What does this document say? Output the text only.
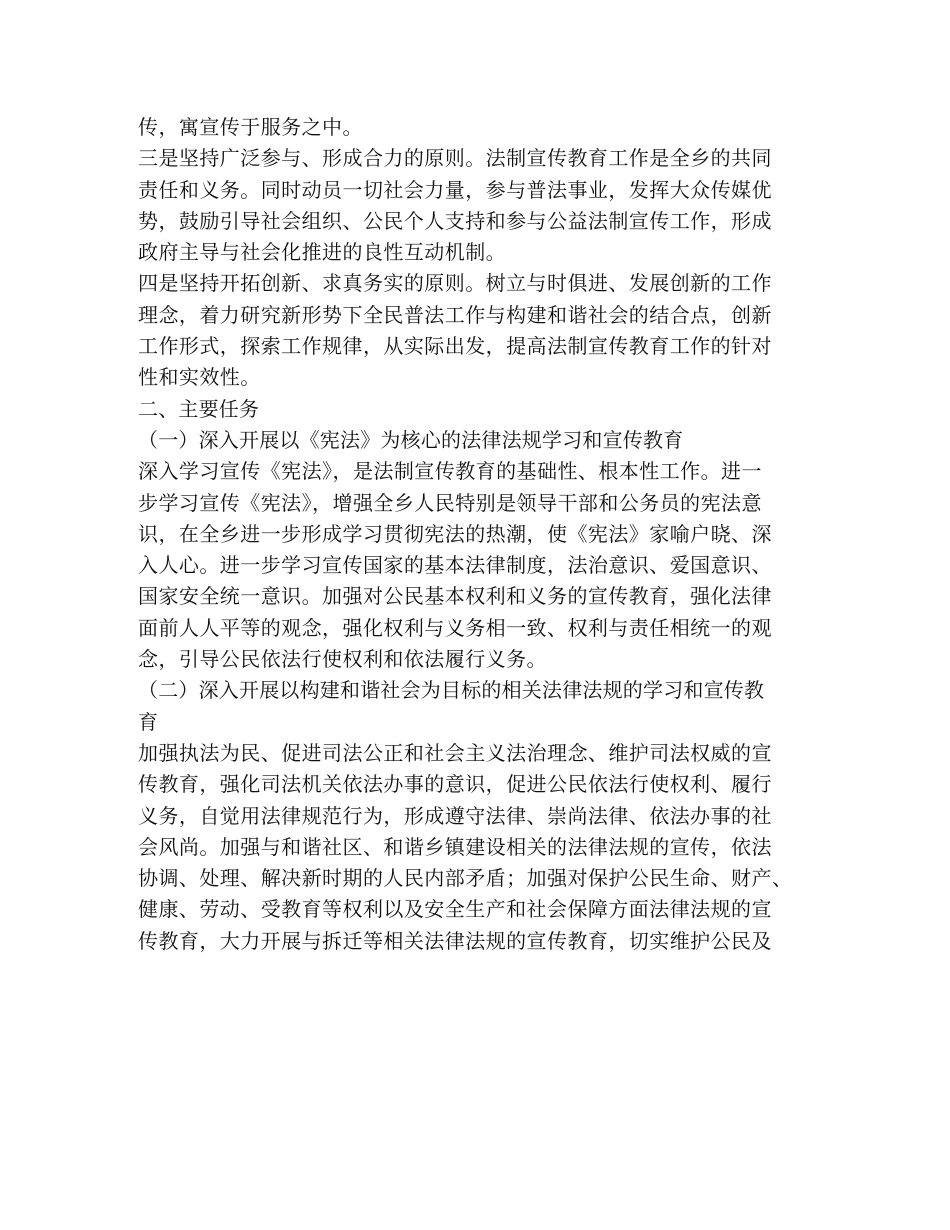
传，寓宣传于服务之中。
三是坚持广泛参与、形成合力的原则。法制宣传教育工作是全乡的共同
责任和义务。同时动员一切社会力量，参与普法事业，发挥大众传媒优
势，鼓励引导社会组织、公民个人支持和参与公益法制宣传工作，形成
政府主导与社会化推进的良性互动机制。
四是坚持开拓创新、求真务实的原则。树立与时俱进、发展创新的工作
理念，着力研究新形势下全民普法工作与构建和谐社会的结合点，创新
工作形式，探索工作规律，从实际出发，提高法制宣传教育工作的针对
性和实效性。
二、主要任务
（一）深入开展以《宪法》为核心的法律法规学习和宣传教育
深入学习宣传《宪法》，是法制宣传教育的基础性、根本性工作。进一
步学习宣传《宪法》，增强全乡人民特别是领导干部和公务员的宪法意
识，在全乡进一步形成学习贯彻宪法的热潮，使《宪法》家喻户晓、深
入人心。进一步学习宣传国家的基本法律制度，法治意识、爱国意识、
国家安全统一意识。加强对公民基本权利和义务的宣传教育，强化法律
面前人人平等的观念，强化权利与义务相一致、权利与责任相统一的观
念，引导公民依法行使权利和依法履行义务。
（二）深入开展以构建和谐社会为目标的相关法律法规的学习和宣传教
育
加强执法为民、促进司法公正和社会主义法治理念、维护司法权威的宣
传教育，强化司法机关依法办事的意识，促进公民依法行使权利、履行
义务，自觉用法律规范行为，形成遵守法律、崇尚法律、依法办事的社
会风尚。加强与和谐社区、和谐乡镇建设相关的法律法规的宣传，依法
协调、处理、解决新时期的人民内部矛盾；加强对保护公民生命、财产、
健康、劳动、受教育等权利以及安全生产和社会保障方面法律法规的宣
传教育，大力开展与拆迁等相关法律法规的宣传教育，切实维护公民及
